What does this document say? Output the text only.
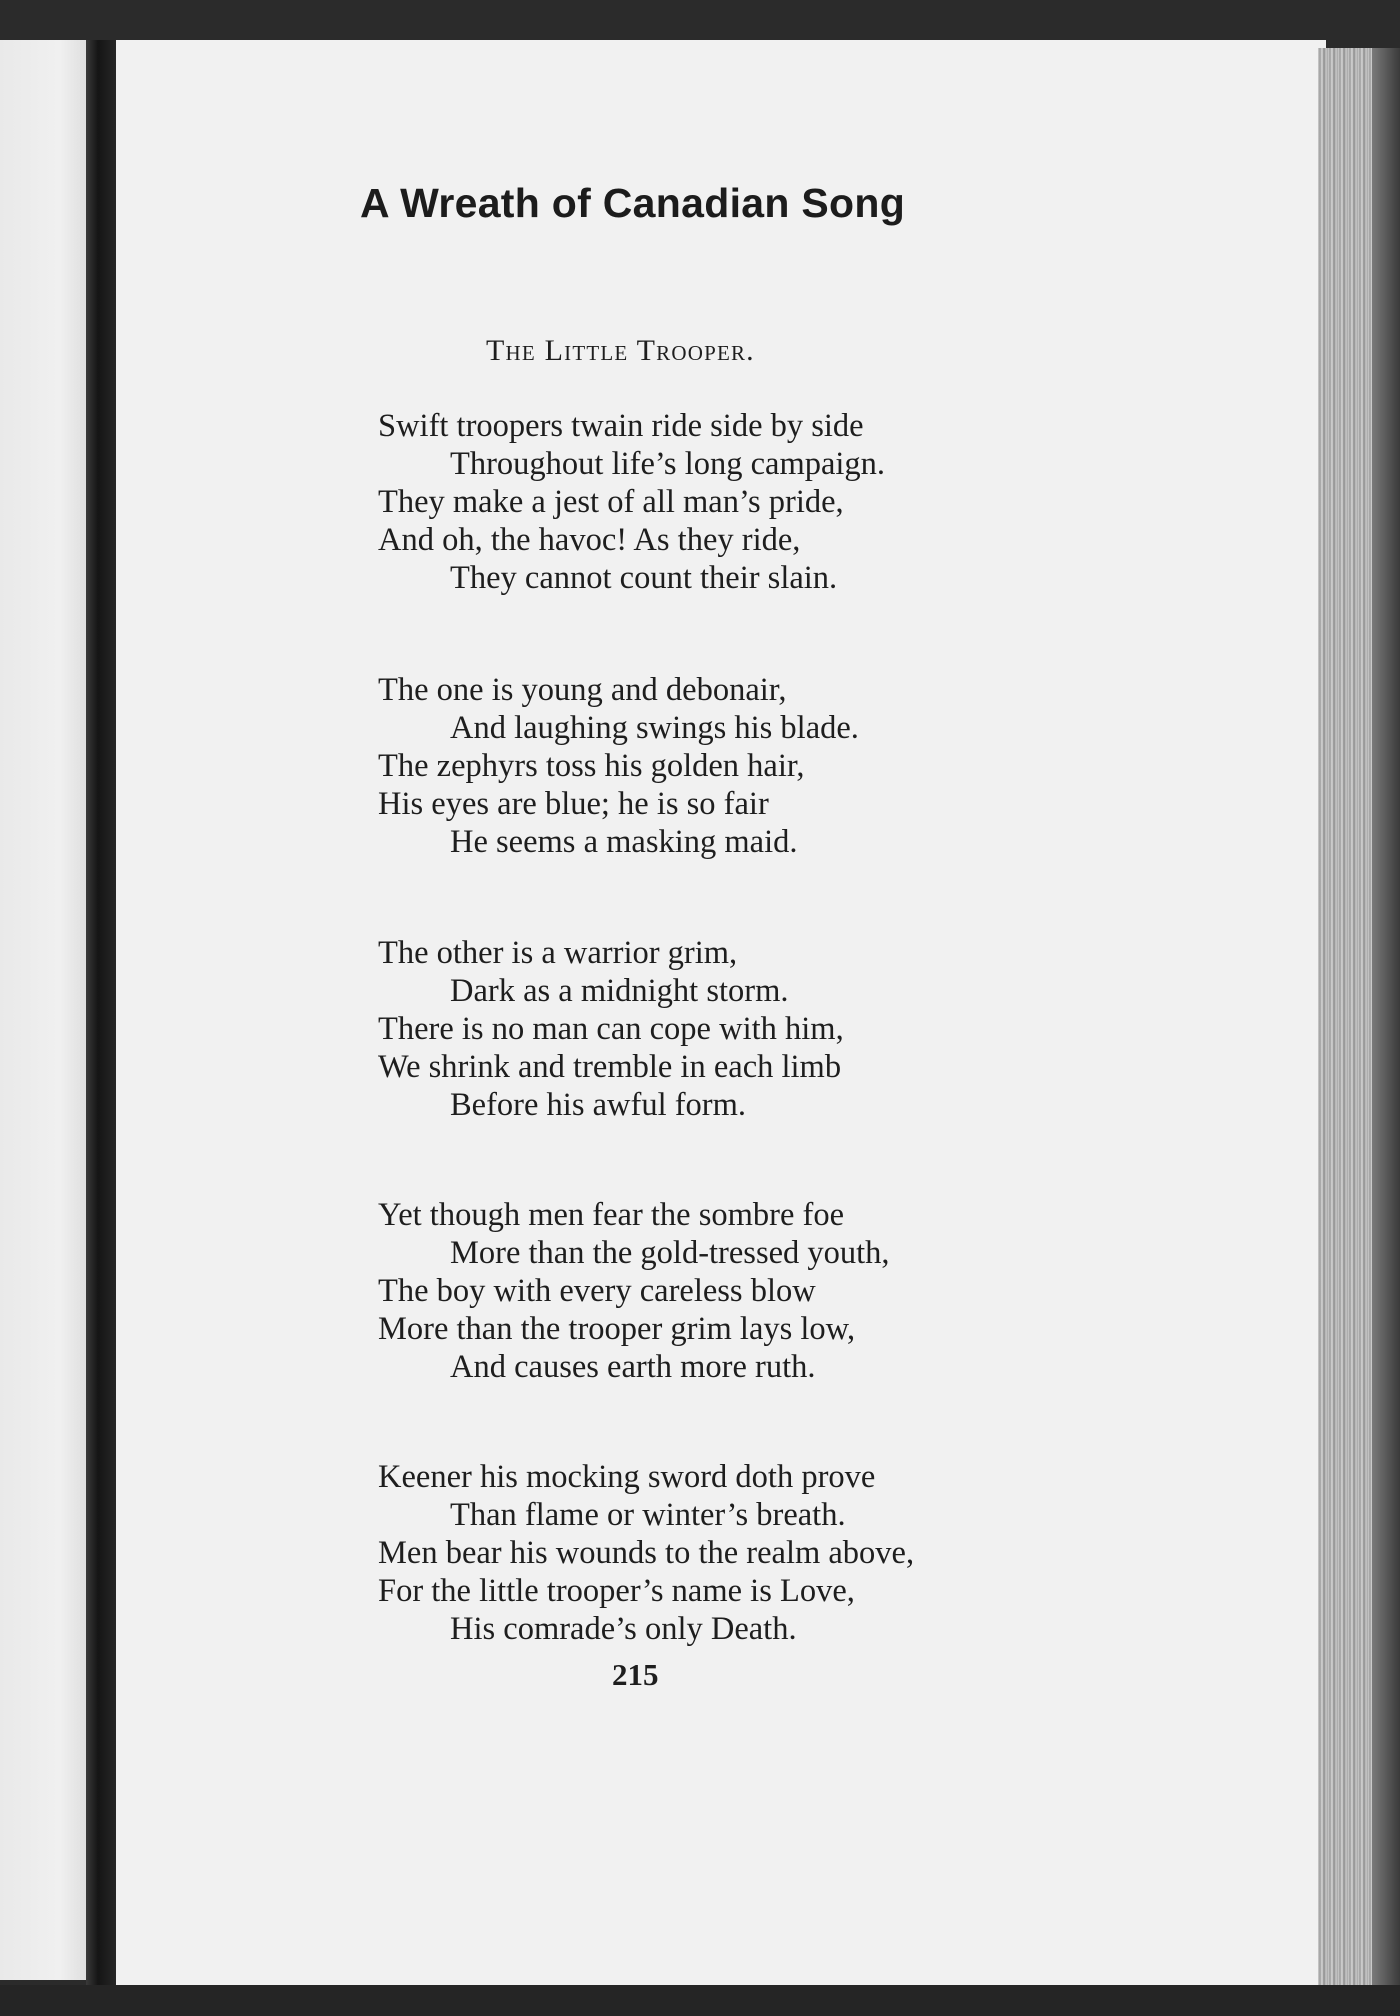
A Wreath of Canadian Song
The Little Trooper.
Swift troopers twain ride side by side
Throughout life’s long campaign.
They make a jest of all man’s pride,
And oh, the havoc! As they ride,
They cannot count their slain.
The one is young and debonair,
And laughing swings his blade.
The zephyrs toss his golden hair,
His eyes are blue; he is so fair
He seems a masking maid.
The other is a warrior grim,
Dark as a midnight storm.
There is no man can cope with him,
We shrink and tremble in each limb
Before his awful form.
Yet though men fear the sombre foe
More than the gold-tressed youth,
The boy with every careless blow
More than the trooper grim lays low,
And causes earth more ruth.
Keener his mocking sword doth prove
Than flame or winter’s breath.
Men bear his wounds to the realm above,
For the little trooper’s name is Love,
His comrade’s only Death.
215
